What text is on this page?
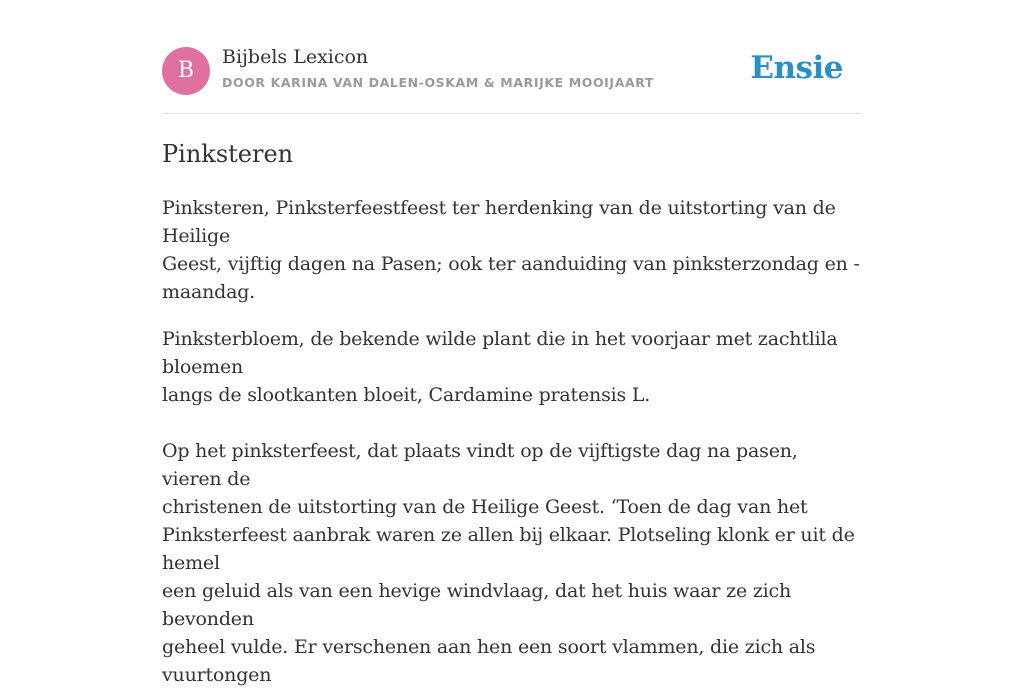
B
Bijbels Lexicon
DOOR KARINA VAN DALEN-OSKAM & MARIJKE MOOIJAART	Ensie
Pinksteren

Pinksteren, Pinksterfeestfeest ter herdenking van de uitstorting van de Heilige
Geest, vijftig dagen na Pasen; ook ter aanduiding van pinksterzondag en -
maandag.

Pinksterbloem, de bekende wilde plant die in het voorjaar met zachtlila bloemen
langs de slootkanten bloeit, Cardamine pratensis L.

Op het pinksterfeest, dat plaats vindt op de vijftigste dag na pasen, vieren de
christenen de uitstorting van de Heilige Geest. ‘Toen de dag van het
Pinksterfeest aanbrak waren ze allen bij elkaar. Plotseling klonk er uit de hemel
een geluid als van een hevige windvlaag, dat het huis waar ze zich bevonden
geheel vulde. Er verschenen aan hen een soort vlammen, die zich als vuurtongen
